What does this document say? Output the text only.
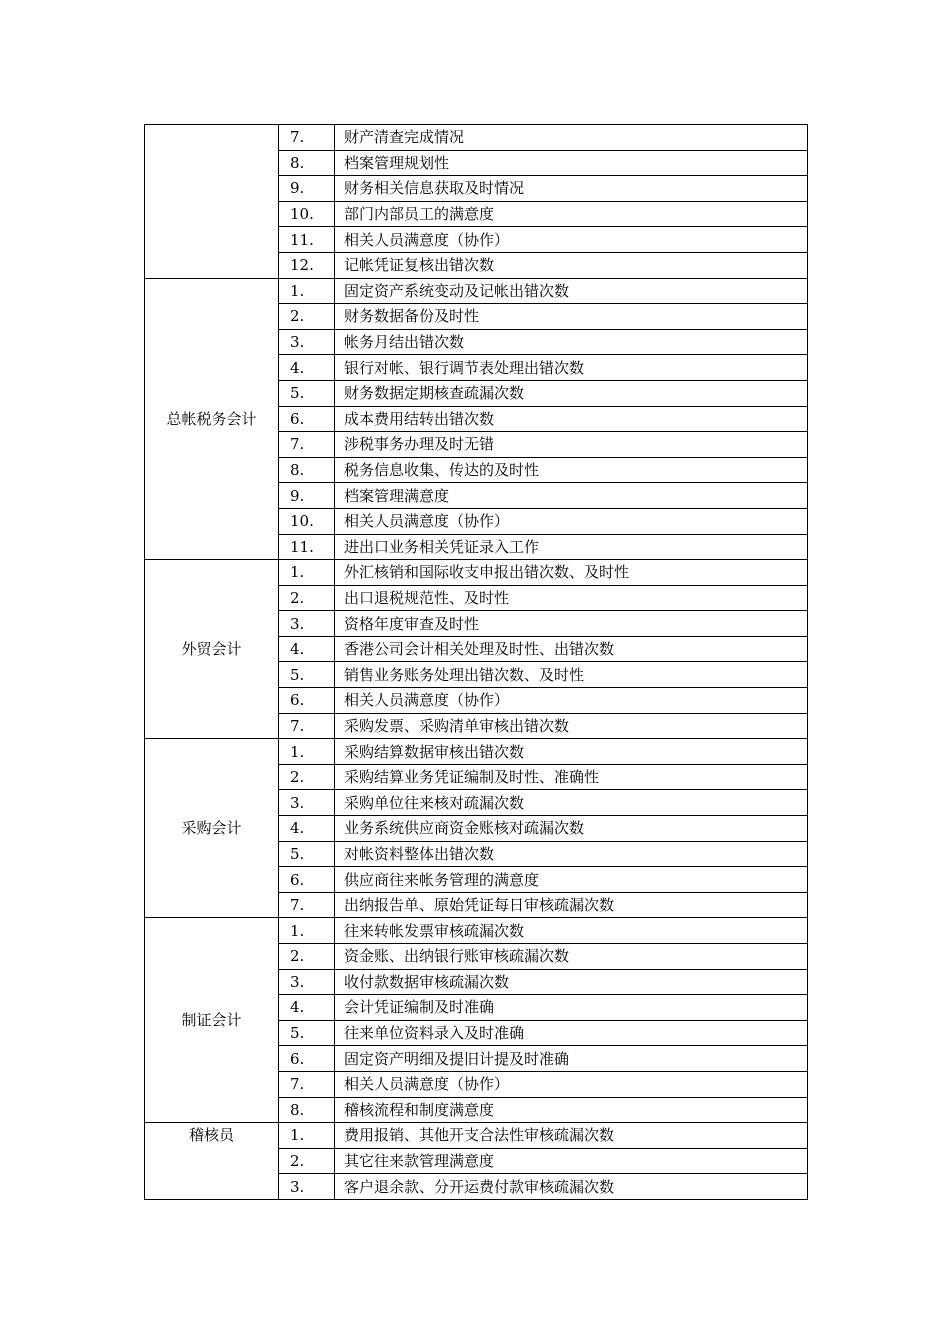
	7.	财产清查完成情况
	8.	档案管理规划性
	9.	财务相关信息获取及时情况
	10.	部门内部员工的满意度
	11.	相关人员满意度（协作）
	12.	记帐凭证复核出错次数
总帐税务会计	1.	固定资产系统变动及记帐出错次数
	2.	财务数据备份及时性
	3.	帐务月结出错次数
	4.	银行对帐、银行调节表处理出错次数
	5.	财务数据定期核查疏漏次数
	6.	成本费用结转出错次数
	7.	涉税事务办理及时无错
	8.	税务信息收集、传达的及时性
	9.	档案管理满意度
	10.	相关人员满意度（协作）
	11.	进出口业务相关凭证录入工作
外贸会计	1.	外汇核销和国际收支申报出错次数、及时性
	2.	出口退税规范性、及时性
	3.	资格年度审查及时性
	4.	香港公司会计相关处理及时性、出错次数
	5.	销售业务账务处理出错次数、及时性
	6.	相关人员满意度（协作）
	7.	采购发票、采购清单审核出错次数
采购会计	1.	采购结算数据审核出错次数
	2.	采购结算业务凭证编制及时性、准确性
	3.	采购单位往来核对疏漏次数
	4.	业务系统供应商资金账核对疏漏次数
	5.	对帐资料整体出错次数
	6.	供应商往来帐务管理的满意度
	7.	出纳报告单、原始凭证每日审核疏漏次数
制证会计	1.	往来转帐发票审核疏漏次数
	2.	资金账、出纳银行账审核疏漏次数
	3.	收付款数据审核疏漏次数
	4.	会计凭证编制及时准确
	5.	往来单位资料录入及时准确
	6.	固定资产明细及提旧计提及时准确
	7.	相关人员满意度（协作）
	8.	稽核流程和制度满意度
稽核员	1.	费用报销、其他开支合法性审核疏漏次数
	2.	其它往来款管理满意度
	3.	客户退余款、分开运费付款审核疏漏次数
